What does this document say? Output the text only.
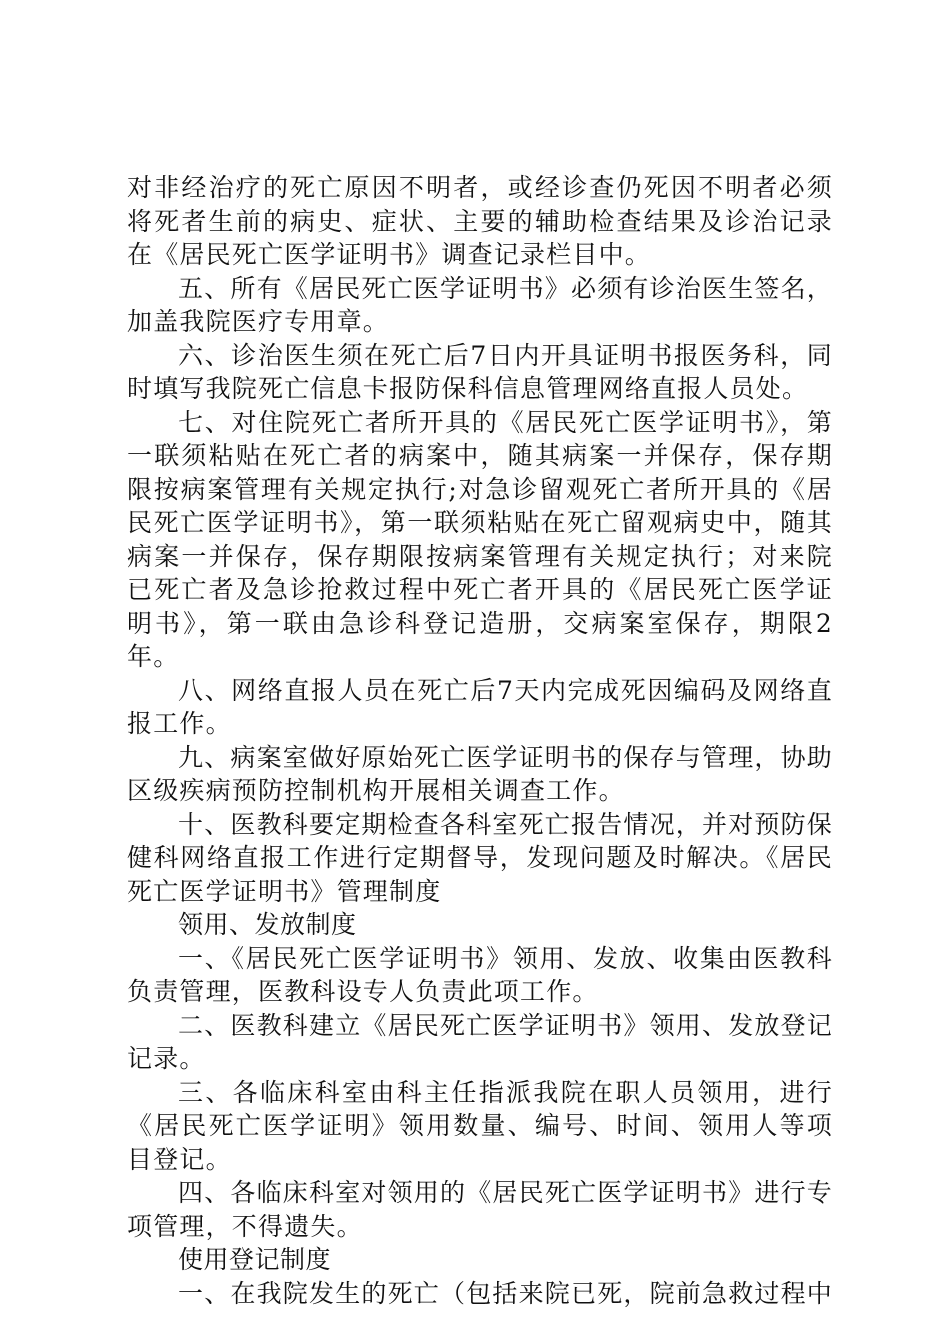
对非经治疗的死亡原因不明者，或经诊查仍死因不明者必须将死者生前的病史、症状、主要的辅助检查结果及诊治记录在《居民死亡医学证明书》调查记录栏目中。

五、所有《居民死亡医学证明书》必须有诊治医生签名，加盖我院医疗专用章。

六、诊治医生须在死亡后7日内开具证明书报医务科，同时填写我院死亡信息卡报防保科信息管理网络直报人员处。

七、对住院死亡者所开具的《居民死亡医学证明书》，第一联须粘贴在死亡者的病案中，随其病案一并保存，保存期限按病案管理有关规定执行;对急诊留观死亡者所开具的《居民死亡医学证明书》，第一联须粘贴在死亡留观病史中，随其病案一并保存，保存期限按病案管理有关规定执行；对来院已死亡者及急诊抢救过程中死亡者开具的《居民死亡医学证明书》，第一联由急诊科登记造册，交病案室保存，期限2年。

八、网络直报人员在死亡后7天内完成死因编码及网络直报工作。

九、病案室做好原始死亡医学证明书的保存与管理，协助区级疾病预防控制机构开展相关调查工作。

十、医教科要定期检查各科室死亡报告情况，并对预防保健科网络直报工作进行定期督导，发现问题及时解决。《居民死亡医学证明书》管理制度

领用、发放制度

一、《居民死亡医学证明书》领用、发放、收集由医教科负责管理，医教科设专人负责此项工作。

二、医教科建立《居民死亡医学证明书》领用、发放登记记录。

三、各临床科室由科主任指派我院在职人员领用，进行《居民死亡医学证明》领用数量、编号、时间、领用人等项目登记。

四、各临床科室对领用的《居民死亡医学证明书》进行专项管理，不得遗失。

使用登记制度

一、在我院发生的死亡（包括来院已死，院前急救过程中
